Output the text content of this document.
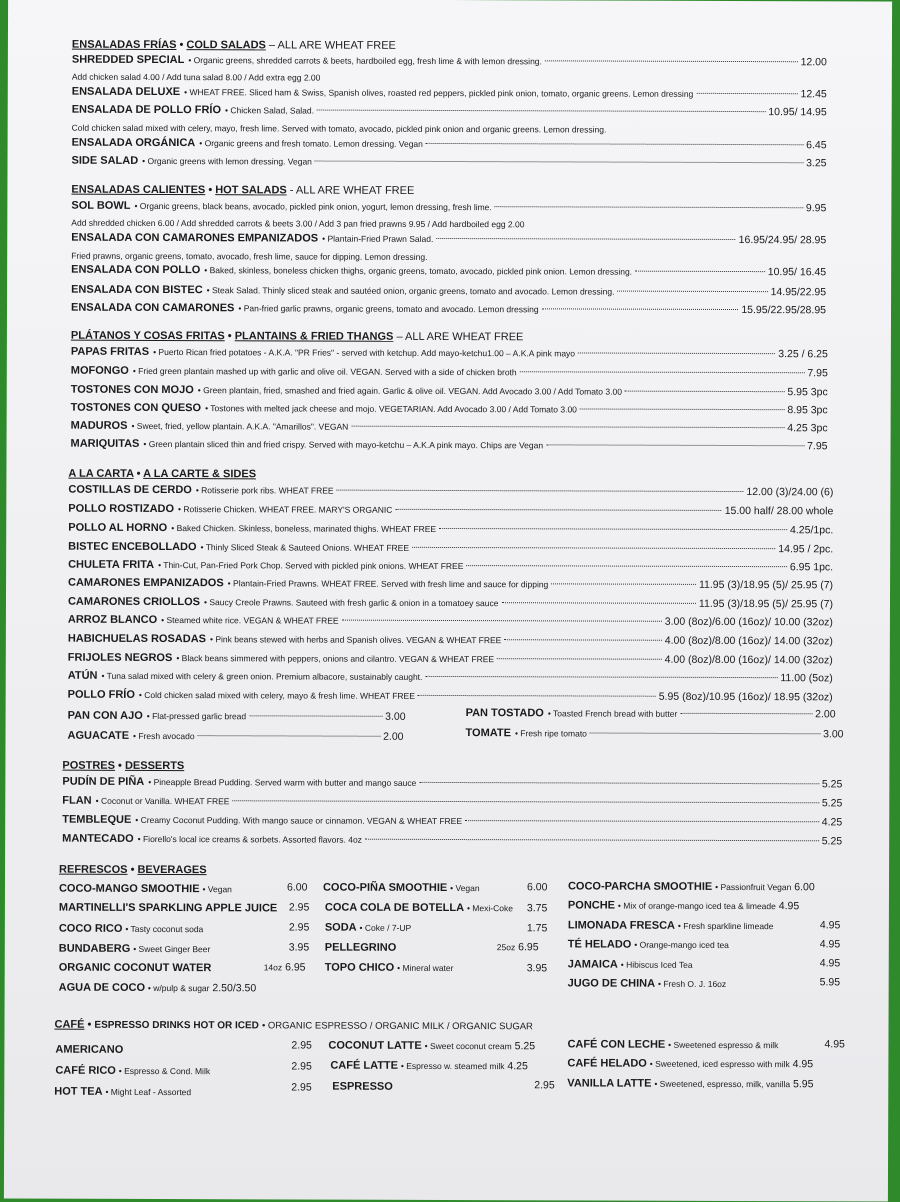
ENSALADAS FRÍAS • COLD SALADS – ALL ARE WHEAT FREE
SHREDDED SPECIAL • Organic greens, shredded carrots & beets, hardboiled egg, fresh lime & with lemon dressing.	12.00
Add chicken salad 4.00 / Add tuna salad 8.00 / Add extra egg 2.00
ENSALADA DELUXE • WHEAT FREE. Sliced ham & Swiss, Spanish olives, roasted red peppers, pickled pink onion, tomato, organic greens. Lemon dressing	12.45
ENSALADA DE POLLO FRÍO • Chicken Salad, Salad.	10.95/ 14.95
Cold chicken salad mixed with celery, mayo, fresh lime. Served with tomato, avocado, pickled pink onion and organic greens. Lemon dressing.
ENSALADA ORGÁNICA • Organic greens and fresh tomato. Lemon dressing. Vegan	6.45
SIDE SALAD • Organic greens with lemon dressing. Vegan	3.25
ENSALADAS CALIENTES • HOT SALADS - ALL ARE WHEAT FREE
SOL BOWL • Organic greens, black beans, avocado, pickled pink onion, yogurt, lemon dressing, fresh lime.	9.95
Add shredded chicken 6.00 / Add shredded carrots & beets 3.00 / Add 3 pan fried prawns 9.95 / Add hardboiled egg 2.00
ENSALADA CON CAMARONES EMPANIZADOS • Plantain-Fried Prawn Salad.	16.95/24.95/ 28.95
Fried prawns, organic greens, tomato, avocado, fresh lime, sauce for dipping. Lemon dressing.
ENSALADA CON POLLO • Baked, skinless, boneless chicken thighs, organic greens, tomato, avocado, pickled pink onion. Lemon dressing.	10.95/ 16.45
ENSALADA CON BISTEC • Steak Salad. Thinly sliced steak and sautéed onion, organic greens, tomato and avocado. Lemon dressing.	14.95/22.95
ENSALADA CON CAMARONES • Pan-fried garlic prawns, organic greens, tomato and avocado. Lemon dressing	15.95/22.95/28.95
PLÁTANOS Y COSAS FRITAS • PLANTAINS & FRIED THANGS – ALL ARE WHEAT FREE
PAPAS FRITAS • Puerto Rican fried potatoes - A.K.A. "PR Fries" - served with ketchup. Add mayo-ketchu1.00 – A.K.A pink mayo	3.25 / 6.25
MOFONGO • Fried green plantain mashed up with garlic and olive oil. VEGAN. Served with a side of chicken broth	7.95
TOSTONES CON MOJO • Green plantain, fried, smashed and fried again. Garlic & olive oil. VEGAN. Add Avocado 3.00 / Add Tomato 3.00	5.95 3pc
TOSTONES CON QUESO • Tostones with melted jack cheese and mojo. VEGETARIAN. Add Avocado 3.00 / Add Tomato 3.00	8.95 3pc
MADUROS • Sweet, fried, yellow plantain. A.K.A. "Amarillos". VEGAN	4.25 3pc
MARIQUITAS • Green plantain sliced thin and fried crispy. Served with mayo-ketchu – A.K.A pink mayo. Chips are Vegan	7.95
A LA CARTA • A LA CARTE & SIDES
COSTILLAS DE CERDO • Rotisserie pork ribs. WHEAT FREE	12.00 (3)/24.00 (6)
POLLO ROSTIZADO • Rotisserie Chicken. WHEAT FREE. MARY'S ORGANIC	15.00 half/ 28.00 whole
POLLO AL HORNO • Baked Chicken. Skinless, boneless, marinated thighs. WHEAT FREE	4.25/1pc.
BISTEC ENCEBOLLADO • Thinly Sliced Steak & Sauteed Onions. WHEAT FREE	14.95 / 2pc.
CHULETA FRITA • Thin-Cut, Pan-Fried Pork Chop. Served with pickled pink onions. WHEAT FREE	6.95 1pc.
CAMARONES EMPANIZADOS • Plantain-Fried Prawns. WHEAT FREE. Served with fresh lime and sauce for dipping	11.95 (3)/18.95 (5)/ 25.95 (7)
CAMARONES CRIOLLOS • Saucy Creole Prawns. Sauteed with fresh garlic & onion in a tomatoey sauce	11.95 (3)/18.95 (5)/ 25.95 (7)
ARROZ BLANCO • Steamed white rice. VEGAN & WHEAT FREE	3.00 (8oz)/6.00 (16oz)/ 10.00 (32oz)
HABICHUELAS ROSADAS • Pink beans stewed with herbs and Spanish olives. VEGAN & WHEAT FREE	4.00 (8oz)/8.00 (16oz)/ 14.00 (32oz)
FRIJOLES NEGROS • Black beans simmered with peppers, onions and cilantro. VEGAN & WHEAT FREE	4.00 (8oz)/8.00 (16oz)/ 14.00 (32oz)
ATÚN • Tuna salad mixed with celery & green onion. Premium albacore, sustainably caught.	11.00 (5oz)
POLLO FRÍO • Cold chicken salad mixed with celery, mayo & fresh lime. WHEAT FREE	5.95 (8oz)/10.95 (16oz)/ 18.95 (32oz)
PAN CON AJO • Flat-pressed garlic bread	3.00	PAN TOSTADO • Toasted French bread with butter	2.00
AGUACATE • Fresh avocado	2.00	TOMATE • Fresh ripe tomato	3.00
POSTRES • DESSERTS
PUDÍN DE PIÑA • Pineapple Bread Pudding. Served warm with butter and mango sauce	5.25
FLAN • Coconut or Vanilla. WHEAT FREE	5.25
TEMBLEQUE • Creamy Coconut Pudding. With mango sauce or cinnamon. VEGAN & WHEAT FREE	4.25
MANTECADO • Fiorello's local ice creams & sorbets. Assorted flavors. 4oz	5.25
REFRESCOS • BEVERAGES
COCO-MANGO SMOOTHIE • Vegan	6.00
MARTINELLI'S SPARKLING APPLE JUICE 2.95
COCO RICO • Tasty coconut soda	2.95
BUNDABERG • Sweet Ginger Beer	3.95
ORGANIC COCONUT WATER	14oz 6.95
AGUA DE COCO • w/pulp & sugar 2.50/3.50
COCO-PIÑA SMOOTHIE • Vegan	6.00
COCA COLA DE BOTELLA • Mexi-Coke 3.75
SODA • Coke / 7-UP	1.75
PELLEGRINO	25oz 6.95
TOPO CHICO • Mineral water	3.95
COCO-PARCHA SMOOTHIE • Passionfruit Vegan 6.00
PONCHE • Mix of orange-mango iced tea & limeade 4.95
LIMONADA FRESCA • Fresh sparkline limeade	4.95
TÉ HELADO • Orange-mango iced tea	4.95
JAMAICA • Hibiscus Iced Tea	4.95
JUGO DE CHINA • Fresh O. J. 16oz	5.95
CAFÉ • ESPRESSO DRINKS HOT OR ICED • ORGANIC ESPRESSO / ORGANIC MILK / ORGANIC SUGAR
AMERICANO	2.95
CAFÉ RICO • Espresso & Cond. Milk	2.95
HOT TEA • Might Leaf - Assorted	2.95
COCONUT LATTE • Sweet coconut cream 5.25
CAFÉ LATTE • Espresso w. steamed milk 4.25
ESPRESSO	2.95
CAFÉ CON LECHE • Sweetened espresso & milk	4.95
CAFÉ HELADO • Sweetened, iced espresso with milk 4.95
VANILLA LATTE • Sweetened, espresso, milk, vanilla 5.95
